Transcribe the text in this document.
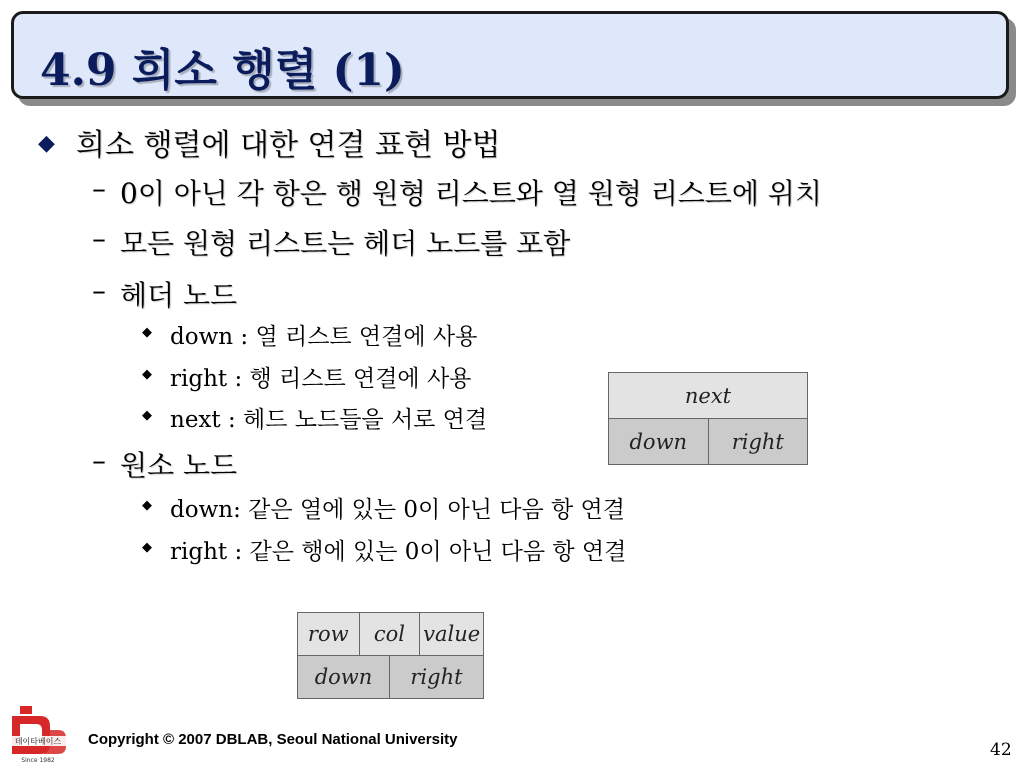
4.9 희소 행렬 (1)
◆ 희소 행렬에 대한 연결 표현 방법
– 0이 아닌 각 항은 행 원형 리스트와 열 원형 리스트에 위치
– 모든 원형 리스트는 헤더 노드를 포함
– 헤더 노드
◆ down : 열 리스트 연결에 사용
◆ right : 행 리스트 연결에 사용
◆ next : 헤드 노드들을 서로 연결
– 원소 노드
◆ down: 같은 열에 있는 0이 아닌 다음 항 연결
◆ right : 같은 행에 있는 0이 아닌 다음 항 연결
next
down	right
row	col		value
down		right	
데이타베이스
Since 1982
Copyright © 2007 DBLAB, Seoul National University
42
